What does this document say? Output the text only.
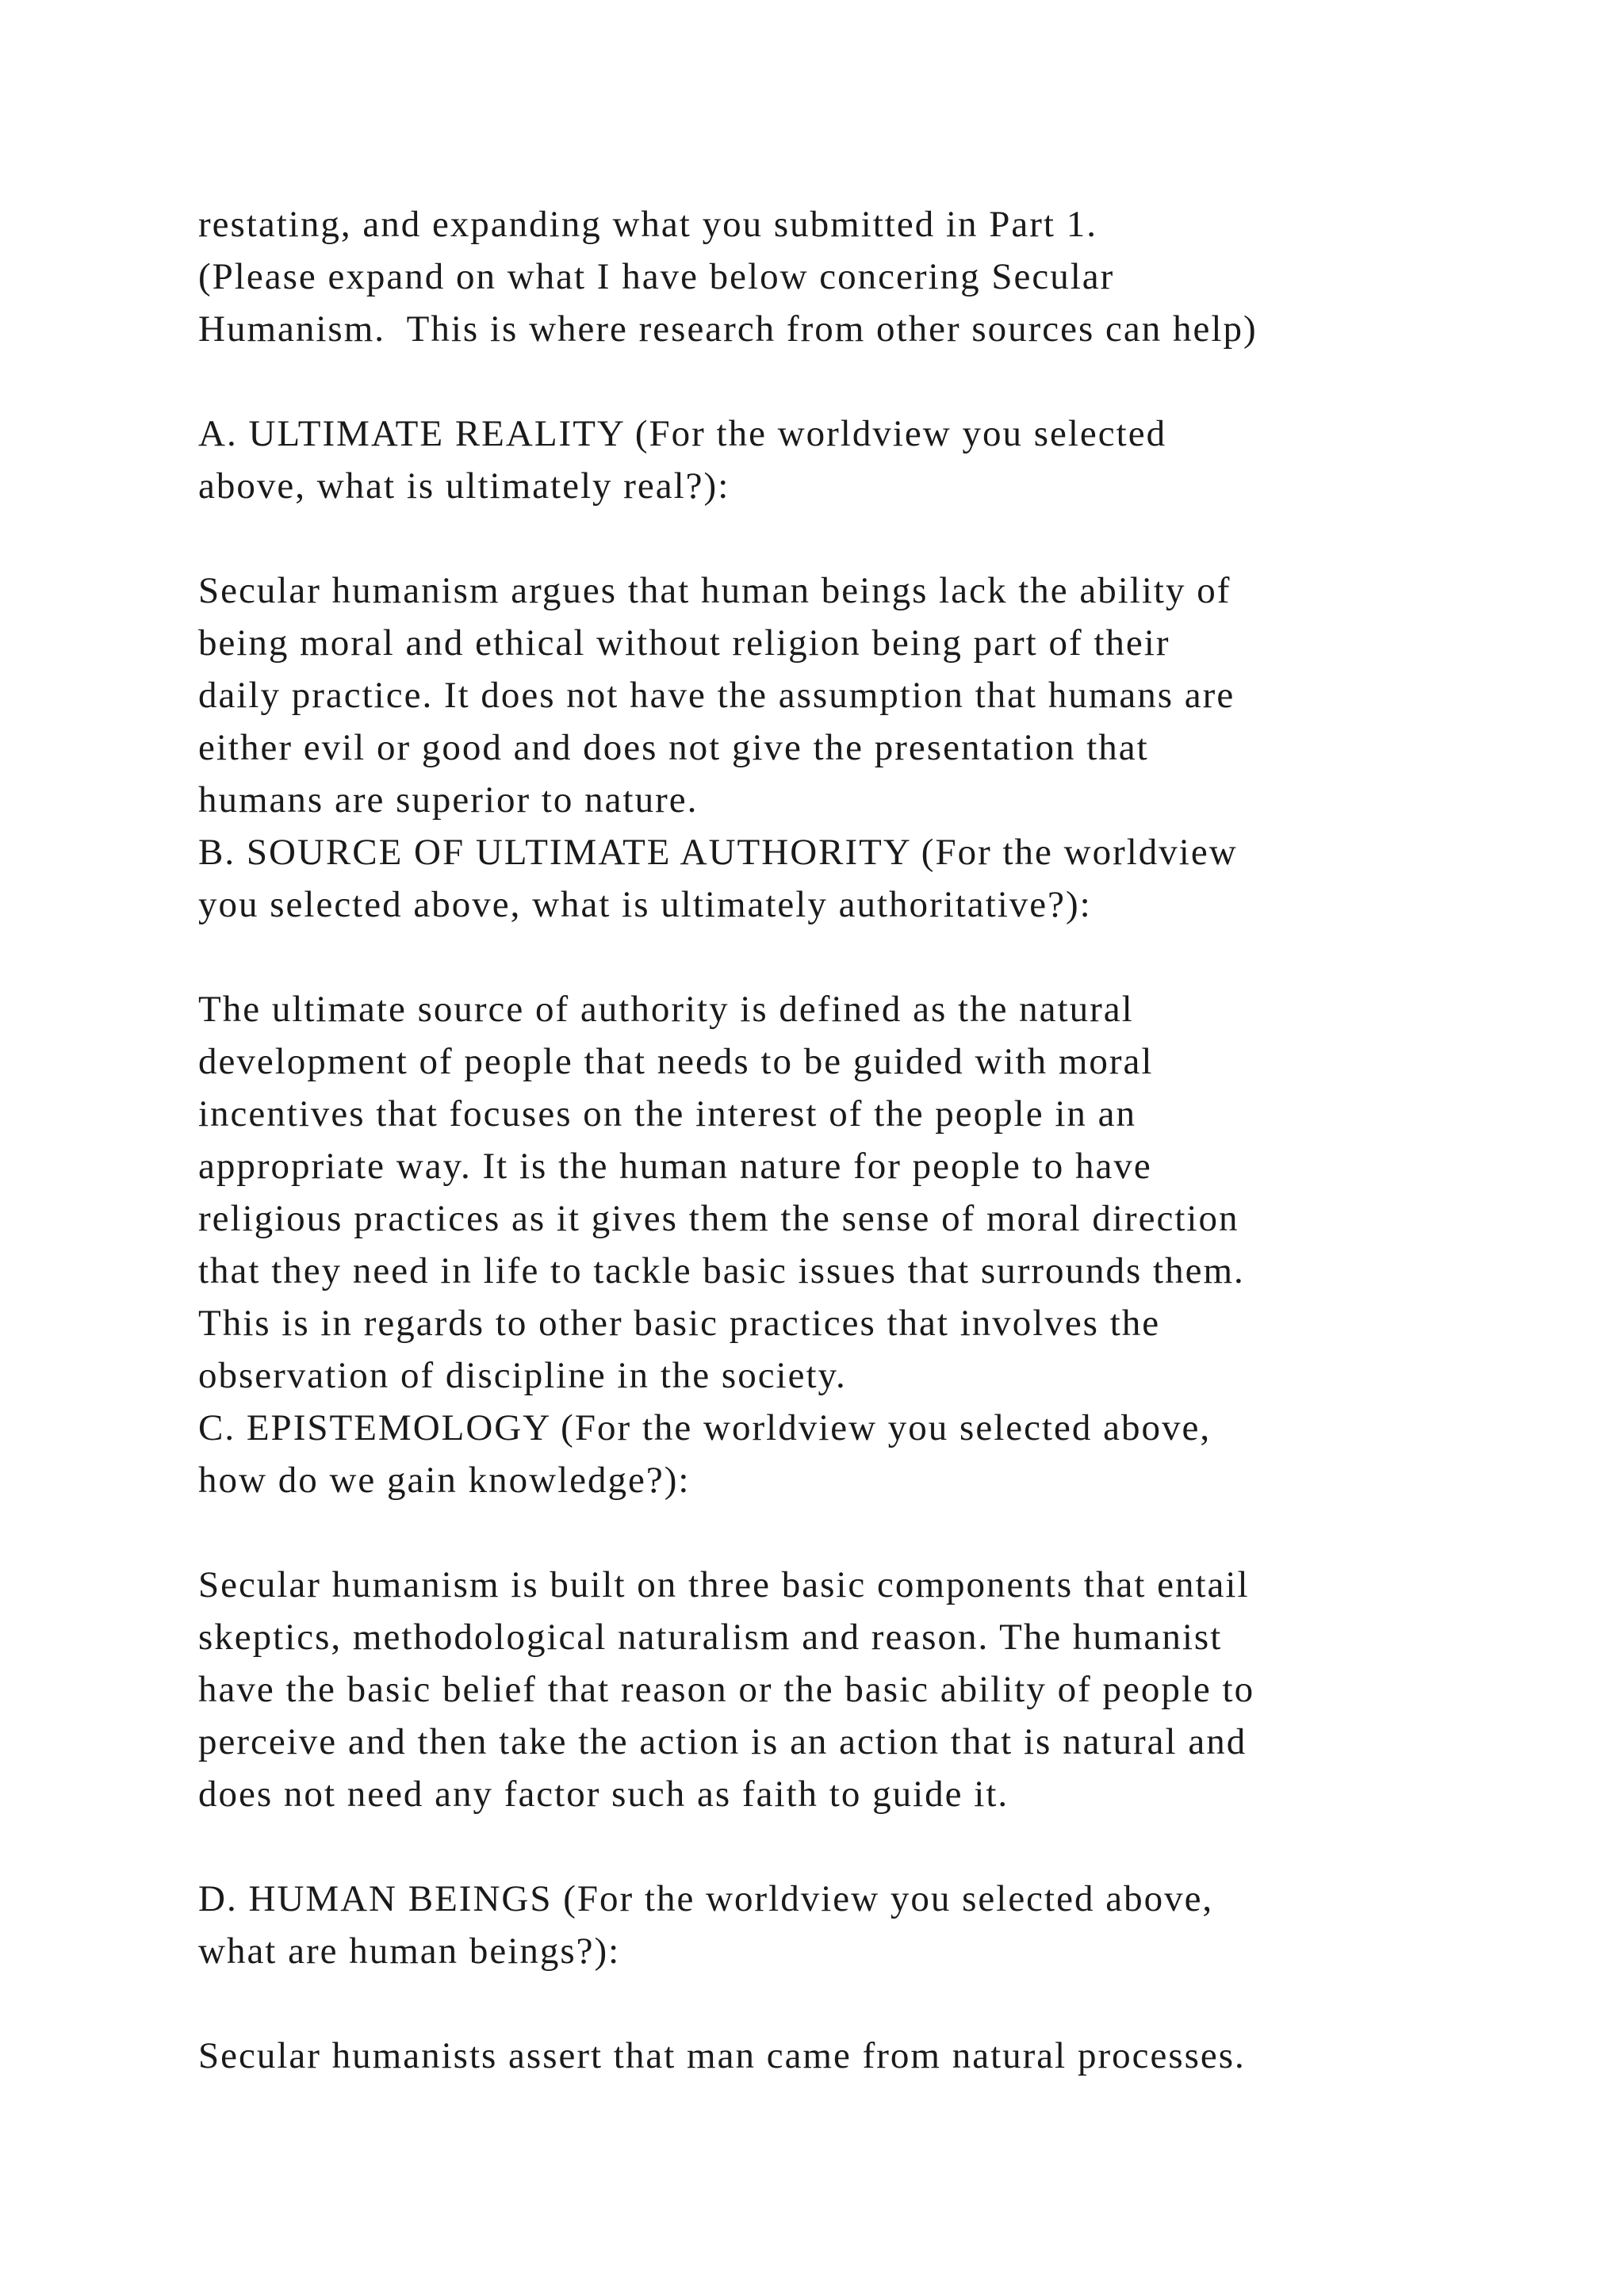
restating, and expanding what you submitted in Part 1.
(Please expand on what I have below concering Secular
Humanism.  This is where research from other sources can help)
A. ULTIMATE REALITY (For the worldview you selected
above, what is ultimately real?):
Secular humanism argues that human beings lack the ability of
being moral and ethical without religion being part of their
daily practice. It does not have the assumption that humans are
either evil or good and does not give the presentation that
humans are superior to nature.
B. SOURCE OF ULTIMATE AUTHORITY (For the worldview
you selected above, what is ultimately authoritative?):
The ultimate source of authority is defined as the natural
development of people that needs to be guided with moral
incentives that focuses on the interest of the people in an
appropriate way. It is the human nature for people to have
religious practices as it gives them the sense of moral direction
that they need in life to tackle basic issues that surrounds them.
This is in regards to other basic practices that involves the
observation of discipline in the society.
C. EPISTEMOLOGY (For the worldview you selected above,
how do we gain knowledge?):
Secular humanism is built on three basic components that entail
skeptics, methodological naturalism and reason. The humanist
have the basic belief that reason or the basic ability of people to
perceive and then take the action is an action that is natural and
does not need any factor such as faith to guide it.
D. HUMAN BEINGS (For the worldview you selected above,
what are human beings?):
Secular humanists assert that man came from natural processes.
